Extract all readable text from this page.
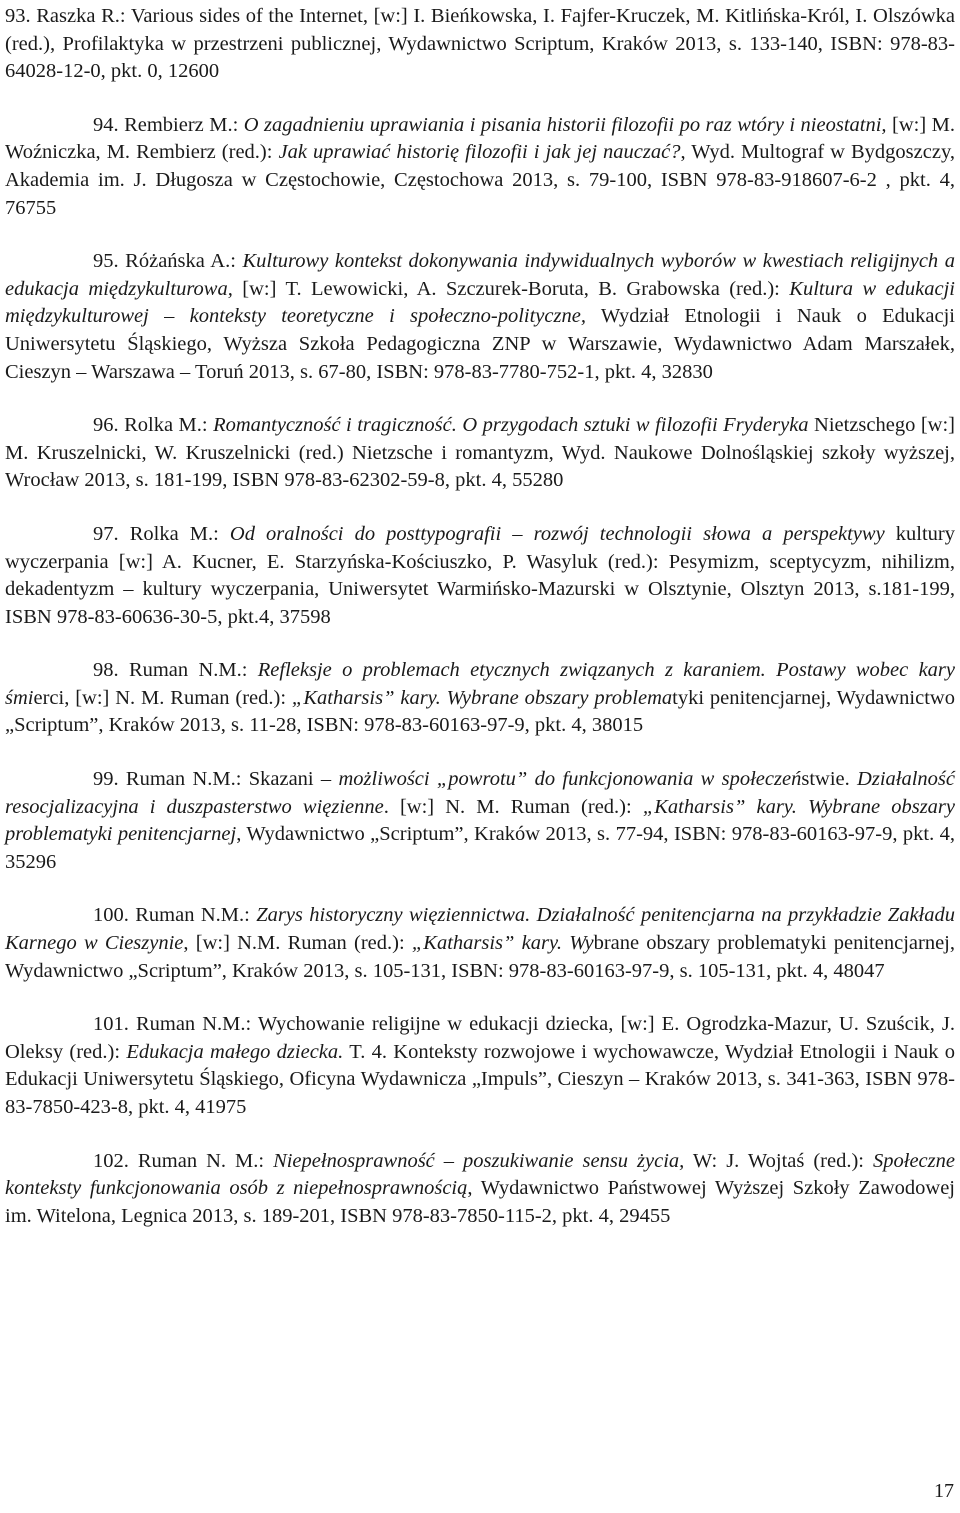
93. Raszka R.: Various sides of the Internet, [w:] I. Bieńkowska, I. Fajfer-Kruczek, M. Kitlińska-Król, I. Olszówka (red.), Profilaktyka w przestrzeni publicznej, Wydawnictwo Scriptum, Kraków 2013, s. 133-140, ISBN: 978-83-64028-12-0, pkt. 0, 12600

94. Rembierz M.: O zagadnieniu uprawiania i pisania historii filozofii po raz wtóry i nieostatni, [w:] M. Woźniczka, M. Rembierz (red.): Jak uprawiać historię filozofii i jak jej nauczać?, Wyd. Multograf w Bydgoszczy, Akademia im. J. Długosza w Częstochowie, Częstochowa 2013, s. 79-100, ISBN 978-83-918607-6-2 , pkt. 4, 76755

95. Różańska A.: Kulturowy kontekst dokonywania indywidualnych wyborów w kwestiach religijnych a edukacja międzykulturowa, [w:] T. Lewowicki, A. Szczurek-Boruta, B. Grabowska (red.): Kultura w edukacji międzykulturowej – konteksty teoretyczne i społeczno-polityczne, Wydział Etnologii i Nauk o Edukacji Uniwersytetu Śląskiego, Wyższa Szkoła Pedagogiczna ZNP w Warszawie, Wydawnictwo Adam Marszałek, Cieszyn – Warszawa – Toruń 2013, s. 67-80, ISBN: 978-83-7780-752-1, pkt. 4, 32830

96. Rolka M.: Romantyczność i tragiczność. O przygodach sztuki w filozofii Fryderyka Nietzschego [w:] M. Kruszelnicki, W. Kruszelnicki (red.) Nietzsche i romantyzm, Wyd. Naukowe Dolnośląskiej szkoły wyższej, Wrocław 2013, s. 181-199, ISBN 978-83-62302-59-8, pkt. 4, 55280

97. Rolka M.: Od oralności do posttypografii – rozwój technologii słowa a perspektywy kultury wyczerpania [w:] A. Kucner, E. Starzyńska-Kościuszko, P. Wasyluk (red.): Pesymizm, sceptycyzm, nihilizm, dekadentyzm – kultury wyczerpania, Uniwersytet Warmińsko-Mazurski w Olsztynie, Olsztyn 2013, s.181-199, ISBN 978-83-60636-30-5, pkt.4, 37598

98. Ruman N.M.: Refleksje o problemach etycznych związanych z karaniem. Postawy wobec kary śmierci, [w:] N. M. Ruman (red.): „Katharsis” kary. Wybrane obszary problematyki penitencjarnej, Wydawnictwo „Scriptum”, Kraków 2013, s. 11-28, ISBN: 978-83-60163-97-9, pkt. 4, 38015

99. Ruman N.M.: Skazani – możliwości „powrotu” do funkcjonowania w społeczeństwie. Działalność resocjalizacyjna i duszpasterstwo więzienne. [w:] N. M. Ruman (red.): „Katharsis” kary. Wybrane obszary problematyki penitencjarnej, Wydawnictwo „Scriptum”, Kraków 2013, s. 77-94, ISBN: 978-83-60163-97-9, pkt. 4, 35296

100. Ruman N.M.: Zarys historyczny więziennictwa. Działalność penitencjarna na przykładzie Zakładu Karnego w Cieszynie, [w:] N.M. Ruman (red.): „Katharsis” kary. Wybrane obszary problematyki penitencjarnej, Wydawnictwo „Scriptum”, Kraków 2013, s. 105-131, ISBN: 978-83-60163-97-9, s. 105-131, pkt. 4, 48047

101. Ruman N.M.: Wychowanie religijne w edukacji dziecka, [w:] E. Ogrodzka-Mazur, U. Szuścik, J. Oleksy (red.): Edukacja małego dziecka. T. 4. Konteksty rozwojowe i wychowawcze, Wydział Etnologii i Nauk o Edukacji Uniwersytetu Śląskiego, Oficyna Wydawnicza „Impuls”, Cieszyn – Kraków 2013, s. 341-363, ISBN 978-83-7850-423-8, pkt. 4, 41975

102. Ruman N. M.: Niepełnosprawność – poszukiwanie sensu życia, W: J. Wojtaś (red.): Społeczne konteksty funkcjonowania osób z niepełnosprawnością, Wydawnictwo Państwowej Wyższej Szkoły Zawodowej im. Witelona, Legnica 2013, s. 189-201, ISBN 978-83-7850-115-2, pkt. 4, 29455

17
